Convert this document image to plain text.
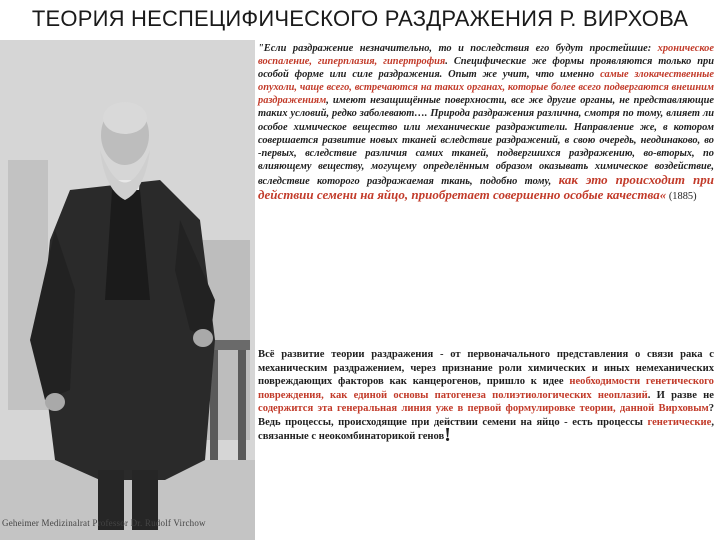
ТЕОРИЯ НЕСПЕЦИФИЧЕСКОГО РАЗДРАЖЕНИЯ Р. ВИРХОВА
Geheimer Medizinalrat Professor Dr. Rudolf Virchow
"Если раздражение незначительно, то и последствия его будут простейшие: хроническое воспаление, гиперплазия, гипертрофия. Специфические же формы проявляются только при особой форме или силе раздражения. Опыт же учит, что именно самые злокачественные опухоли, чаще всего, встречаются на таких органах, которые более всего подвергаются внешним раздражениям, имеют незащищённые поверхности, все же другие органы, не представляющие таких условий, редко заболевают…. Природа раздражения различна, смотря по тому, влияет ли особое химическое вещество или механические раздражители. Направление же, в котором совершается развитие новых тканей вследствие раздражений, в свою очередь, неодинаково, во -первых, вследствие различия самих тканей, подвергшихся раздражению, во-вторых, по влияющему веществу, могущему определённым образом оказывать химическое воздействие, вследствие которого раздражаемая ткань, подобно тому, как это происходит при действии семени на яйцо, приобретает совершенно особые качества« (1885)
Всё развитие теории раздражения - от первоначального представления о связи рака с механическим раздражением, через признание роли химических и иных немеханических повреждающих факторов как канцерогенов, пришло к идее необходимости генетического повреждения, как единой основы патогенеза полиэтиологических неоплазий. И разве не содержится эта генеральная линия уже в первой формулировке теории, данной Вирховым? Ведь процессы, происходящие при действии семени на яйцо - есть процессы генетические, связанные с неокомбинаторикой генов!
